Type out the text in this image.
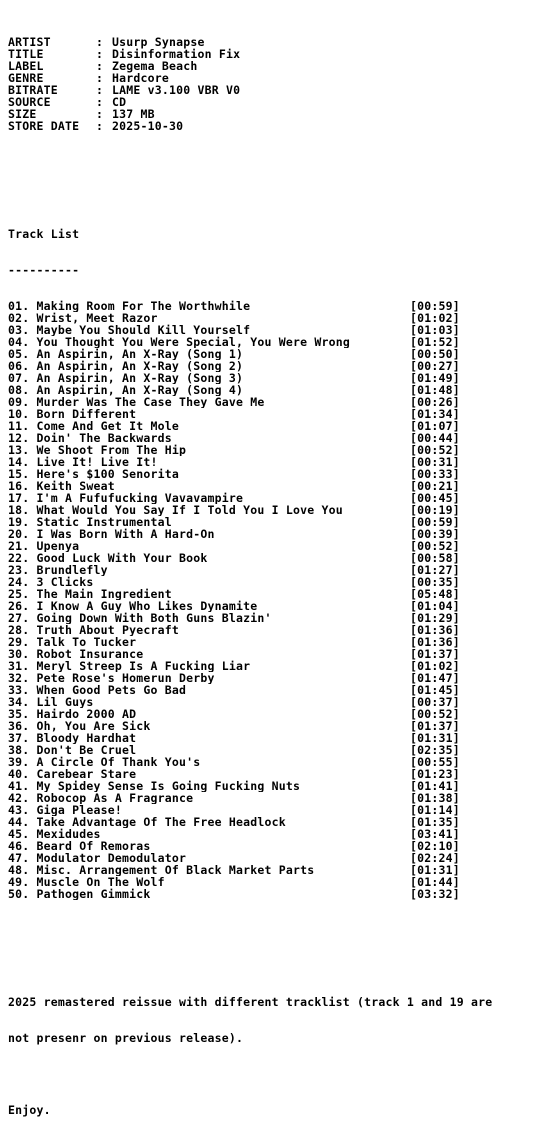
ARTIST	: Usurp Synapse
TITLE	: Disinformation Fix
LABEL	: Zegema Beach
GENRE	: Hardcore
BITRATE	: LAME v3.100 VBR V0
SOURCE	: CD
SIZE	: 137 MB
STORE DATE : 2025-10-30

Track List

----------

01. Making Room For The Worthwhile	[00:59]
02. Wrist, Meet Razor	[01:02]
03. Maybe You Should Kill Yourself	[01:03]
04. You Thought You Were Special, You Were Wrong	[01:52]
05. An Aspirin, An X-Ray (Song 1)	[00:50]
06. An Aspirin, An X-Ray (Song 2)	[00:27]
07. An Aspirin, An X-Ray (Song 3)	[01:49]
08. An Aspirin, An X-Ray (Song 4)	[01:48]
09. Murder Was The Case They Gave Me	[00:26]
10. Born Different	[01:34]
11. Come And Get It Mole	[01:07]
12. Doin' The Backwards	[00:44]
13. We Shoot From The Hip	[00:52]
14. Live It! Live It!	[00:31]
15. Here's $100 Senorita	[00:33]
16. Keith Sweat	[00:21]
17. I'm A Fufufucking Vavavampire	[00:45]
18. What Would You Say If I Told You I Love You	[00:19]
19. Static Instrumental	[00:59]
20. I Was Born With A Hard-On	[00:39]
21. Upenya	[00:52]
22. Good Luck With Your Book	[00:58]
23. Brundlefly	[01:27]
24. 3 Clicks	[00:35]
25. The Main Ingredient	[05:48]
26. I Know A Guy Who Likes Dynamite	[01:04]
27. Going Down With Both Guns Blazin'	[01:29]
28. Truth About Pyecraft	[01:36]
29. Talk To Tucker	[01:36]
30. Robot Insurance	[01:37]
31. Meryl Streep Is A Fucking Liar	[01:02]
32. Pete Rose's Homerun Derby	[01:47]
33. When Good Pets Go Bad	[01:45]
34. Lil Guys	[00:37]
35. Hairdo 2000 AD	[00:52]
36. Oh, You Are Sick	[01:37]
37. Bloody Hardhat	[01:31]
38. Don't Be Cruel	[02:35]
39. A Circle Of Thank You's	[00:55]
40. Carebear Stare	[01:23]
41. My Spidey Sense Is Going Fucking Nuts	[01:41]
42. Robocop As A Fragrance	[01:38]
43. Giga Please!	[01:14]
44. Take Advantage Of The Free Headlock	[01:35]
45. Mexidudes	[03:41]
46. Beard Of Remoras	[02:10]
47. Modulator Demodulator	[02:24]
48. Misc. Arrangement Of Black Market Parts	[01:31]
49. Muscle On The Wolf	[01:44]
50. Pathogen Gimmick	[03:32]

2025 remastered reissue with different tracklist (track 1 and 19 are

not presenr on previous release).

Enjoy.
